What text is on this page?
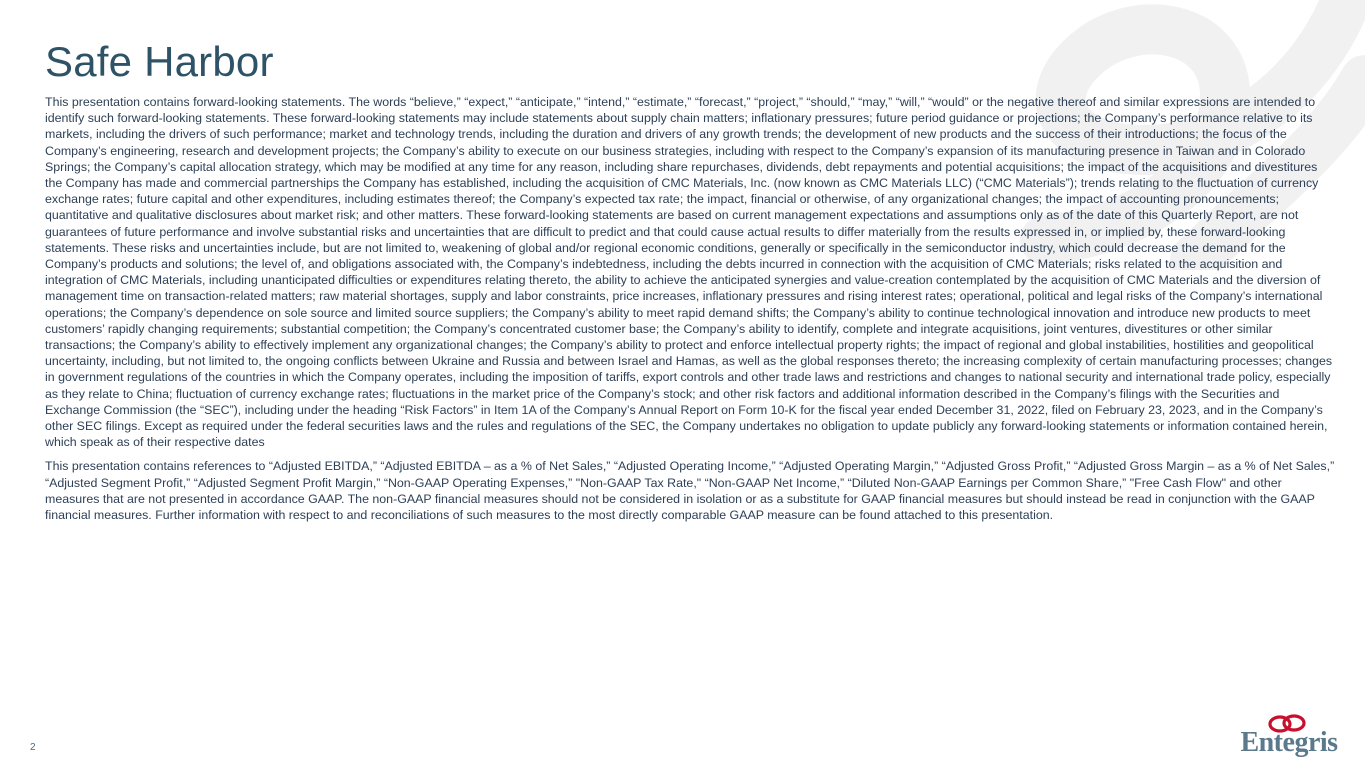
Safe Harbor

This presentation contains forward-looking statements. The words “believe,” “expect,” “anticipate,” “intend,” “estimate,” “forecast,” “project,” “should,” “may,” “will,” “would” or the negative thereof and similar expressions are intended to identify such forward-looking statements. These forward-looking statements may include statements about supply chain matters; inflationary pressures; future period guidance or projections; the Company’s performance relative to its markets, including the drivers of such performance; market and technology trends, including the duration and drivers of any growth trends; the development of new products and the success of their introductions; the focus of the Company’s engineering, research and development projects; the Company’s ability to execute on our business strategies, including with respect to the Company’s expansion of its manufacturing presence in Taiwan and in Colorado Springs; the Company’s capital allocation strategy, which may be modified at any time for any reason, including share repurchases, dividends, debt repayments and potential acquisitions; the impact of the acquisitions and divestitures the Company has made and commercial partnerships the Company has established, including the acquisition of CMC Materials, Inc. (now known as CMC Materials LLC) (“CMC Materials”); trends relating to the fluctuation of currency exchange rates; future capital and other expenditures, including estimates thereof; the Company’s expected tax rate; the impact, financial or otherwise, of any organizational changes; the impact of accounting pronouncements; quantitative and qualitative disclosures about market risk; and other matters. These forward-looking statements are based on current management expectations and assumptions only as of the date of this Quarterly Report, are not guarantees of future performance and involve substantial risks and uncertainties that are difficult to predict and that could cause actual results to differ materially from the results expressed in, or implied by, these forward-looking statements. These risks and uncertainties include, but are not limited to, weakening of global and/or regional economic conditions, generally or specifically in the semiconductor industry, which could decrease the demand for the Company’s products and solutions; the level of, and obligations associated with, the Company’s indebtedness, including the debts incurred in connection with the acquisition of CMC Materials; risks related to the acquisition and integration of CMC Materials, including unanticipated difficulties or expenditures relating thereto, the ability to achieve the anticipated synergies and value-creation contemplated by the acquisition of CMC Materials and the diversion of management time on transaction-related matters; raw material shortages, supply and labor constraints, price increases, inflationary pressures and rising interest rates; operational, political and legal risks of the Company’s international operations; the Company’s dependence on sole source and limited source suppliers; the Company’s ability to meet rapid demand shifts; the Company’s ability to continue technological innovation and introduce new products to meet customers’ rapidly changing requirements; substantial competition; the Company’s concentrated customer base; the Company’s ability to identify, complete and integrate acquisitions, joint ventures, divestitures or other similar transactions; the Company’s ability to effectively implement any organizational changes; the Company’s ability to protect and enforce intellectual property rights; the impact of regional and global instabilities, hostilities and geopolitical uncertainty, including, but not limited to, the ongoing conflicts between Ukraine and Russia and between Israel and Hamas, as well as the global responses thereto; the increasing complexity of certain manufacturing processes; changes in government regulations of the countries in which the Company operates, including the imposition of tariffs, export controls and other trade laws and restrictions and changes to national security and international trade policy, especially as they relate to China; fluctuation of currency exchange rates; fluctuations in the market price of the Company’s stock; and other risk factors and additional information described in the Company’s filings with the Securities and Exchange Commission (the “SEC”), including under the heading “Risk Factors” in Item 1A of the Company’s Annual Report on Form 10-K for the fiscal year ended December 31, 2022, filed on February 23, 2023, and in the Company’s other SEC filings. Except as required under the federal securities laws and the rules and regulations of the SEC, the Company undertakes no obligation to update publicly any forward-looking statements or information contained herein, which speak as of their respective dates

This presentation contains references to “Adjusted EBITDA,” “Adjusted EBITDA – as a % of Net Sales,” “Adjusted Operating Income,” “Adjusted Operating Margin,” “Adjusted Gross Profit,” “Adjusted Gross Margin – as a % of Net Sales,” “Adjusted Segment Profit,” “Adjusted Segment Profit Margin,” “Non-GAAP Operating Expenses,” "Non-GAAP Tax Rate," “Non-GAAP Net Income,” “Diluted Non-GAAP Earnings per Common Share,” "Free Cash Flow" and other measures that are not presented in accordance GAAP. The non-GAAP financial measures should not be considered in isolation or as a substitute for GAAP financial measures but should instead be read in conjunction with the GAAP financial measures. Further information with respect to and reconciliations of such measures to the most directly comparable GAAP measure can be found attached to this presentation.

2	Entegris
